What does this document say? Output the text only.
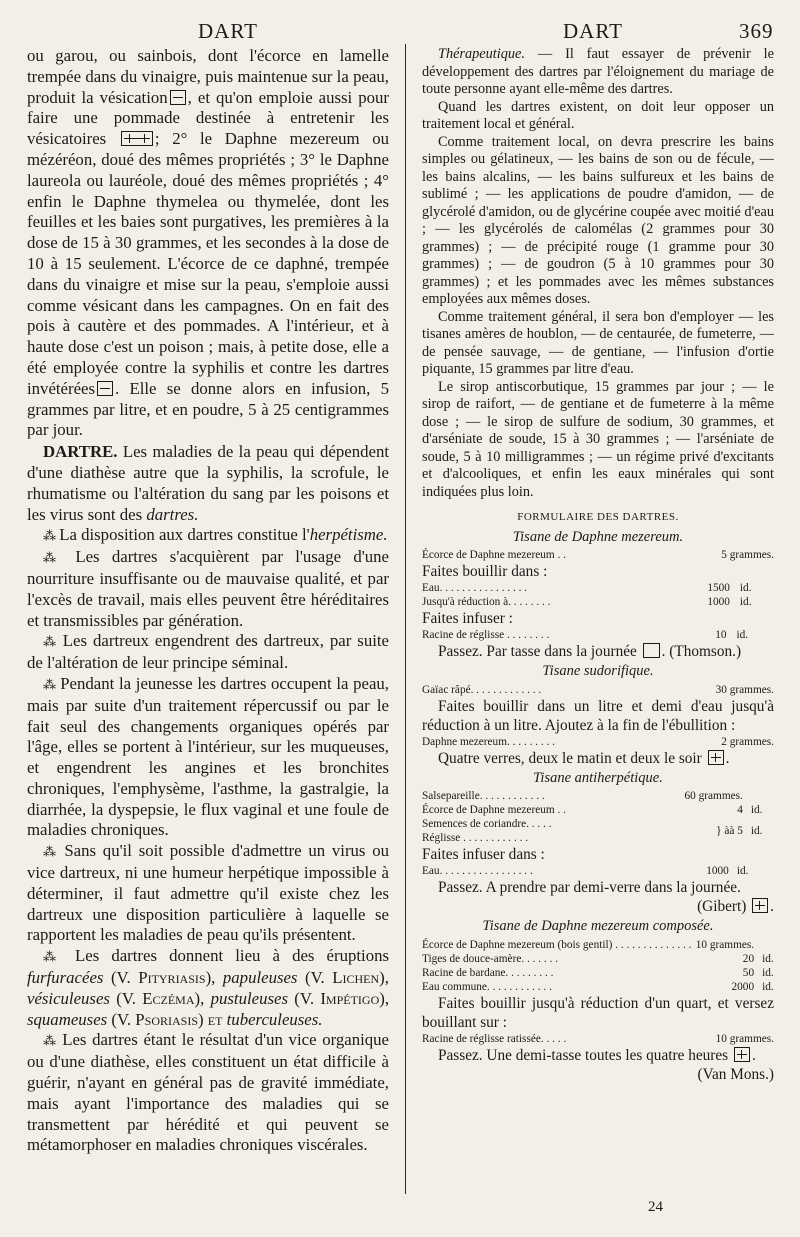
DART	DART	369

ou garou, ou sainbois, dont l'écorce en lamelle trempée dans du vinaigre, puis maintenue sur la peau, produit la vésication , et qu'on emploie aussi pour faire une pommade destinée à entretenir les vésicatoires	; 2° le Daphne mezereum ou mézéréon, doué des mêmes propriétés ; 3° le Daphne laureola ou lauréole, doué des mêmes propriétés ; 4° enfin le Daphne thymelea ou thymelée, dont les feuilles et les baies sont purgatives, les premières à la dose de 15 à 30 grammes, et les secondes à la dose de 10 à 15 seulement. L'écorce de ce daphné, trempée dans du vinaigre et mise sur la peau, s'emploie aussi comme vésicant dans les campagnes. On en fait des pois à cautère et des pommades. A l'intérieur, et à haute dose c'est un poison ; mais, à petite dose, elle a été employée contre la syphilis et contre les dartres invétérées . Elle se donne alors en infusion, 5 grammes par litre, et en poudre, 5 à 25 centigrammes par jour.

DARTRE. Les maladies de la peau qui dépendent d'une diathèse autre que la syphilis, la scrofule, le rhumatisme ou l'altération du sang par les poisons et les virus sont des dartres.

⁂ La disposition aux dartres constitue l'herpétisme.

⁂ Les dartres s'acquièrent par l'usage d'une nourriture insuffisante ou de mauvaise qualité, et par l'excès de travail, mais elles peuvent être héréditaires et transmissibles par génération.

⁂ Les dartreux engendrent des dartreux, par suite de l'altération de leur principe séminal.

⁂ Pendant la jeunesse les dartres occupent la peau, mais par suite d'un traitement répercussif ou par le fait seul des changements organiques opérés par l'âge, elles se portent à l'intérieur, sur les muqueuses, et engendrent les angines et les bronchites chroniques, l'emphysème, l'asthme, la gastralgie, la diarrhée, la dyspepsie, le flux vaginal et une foule de maladies chroniques.

⁂ Sans qu'il soit possible d'admettre un virus ou vice dartreux, ni une humeur herpétique impossible à déterminer, il faut admettre qu'il existe chez les dartreux une disposition particulière à laquelle se rapportent les maladies de peau qu'ils présentent.

⁂ Les dartres donnent lieu à des éruptions furfuracées (V. Pityriasis), papuleuses (V. Lichen), vésiculeuses (V. Eczéma), pustuleuses (V. Impétigo), squameuses (V. Psoriasis) et tuberculeuses.

⁂ Les dartres étant le résultat d'un vice organique ou d'une diathèse, elles constituent un état difficile à guérir, n'ayant en général pas de gravité immédiate, mais ayant l'importance des maladies qui se transmettent par hérédité et qui peuvent se métamorphoser en maladies chroniques viscérales.

Thérapeutique. — Il faut essayer de prévenir le développement des dartres par l'éloignement du mariage de toute personne ayant elle-même des dartres.

Quand les dartres existent, on doit leur opposer un traitement local et général.

Comme traitement local, on devra prescrire les bains simples ou gélatineux, — les bains de son ou de fécule, — les bains alcalins, — les bains sulfureux et les bains de sublimé ; — les applications de poudre d'amidon, — de glycérolé d'amidon, ou de glycérine coupée avec moitié d'eau ; — les glycérolés de calomélas (2 grammes pour 30 grammes) ; — de précipité rouge (1 gramme pour 30 grammes) ; — de goudron (5 à 10 grammes pour 30 grammes) ; et les pommades avec les mêmes substances employées aux mêmes doses.

Comme traitement général, il sera bon d'employer — les tisanes amères de houblon, — de centaurée, de fumeterre, — de pensée sauvage, — de gentiane, — l'infusion d'ortie piquante, 15 grammes par litre d'eau.

Le sirop antiscorbutique, 15 grammes par jour ; — le sirop de raifort, — de gentiane et de fumeterre à la même dose ; — le sirop de sulfure de sodium, 30 grammes, et d'arséniate de soude, 15 à 30 grammes ; — l'arséniate de soude, 5 à 10 milligrammes ; — un régime privé d'excitants et d'alcooliques, et enfin les eaux minérales qui sont indiquées plus loin.

FORMULAIRE DES DARTRES.
Tisane de Daphne mezereum.
Écorce de Daphne mezereum . .	5 grammes.	
Faites bouillir dans :
Eau. . . . . . . . . . . . . . . .	1500	id.
Jusqu'à réduction à. . . . . . . .	1000	id.
Faites infuser :
Racine de réglisse . . . . . . . .	10	id.
Passez. Par tasse dans la journée . (Thomson.)
Tisane sudorifique.
Gaïac râpé. . . . . . . . . . . . .	30 grammes.
Faites bouillir dans un litre et demi d'eau jusqu'à réduction à un litre. Ajoutez à la fin de l'ébullition :
Daphne mezereum. . . . . . . . .	2 grammes.
Quatre verres, deux le matin et deux le soir .
Tisane antiherpétique.
Salsepareille. . . . . . . . . . . .	60 grammes.	
Écorce de Daphne mezereum . .	4	id.
Semences de coriandre. . . . .
Réglisse . . . . . . . . . . . .	} àà 5	id.
Faites infuser dans :
Eau. . . . . . . . . . . . . . . . .	1000	id.
Passez. A prendre par demi-verre dans la journée.
(Gibert) .
Tisane de Daphne mezereum composée.
Écorce de Daphne mezereum (bois gentil) . . . . . . . . . . . . . .	10 grammes.	
Tiges de douce-amère. . . . . . .	20	id.
Racine de bardane. . . . . . . . .	50	id.
Eau commune. . . . . . . . . . . .	2000	id.
Faites bouillir jusqu'à réduction d'un quart, et versez bouillant sur :
Racine de réglisse ratissée. . . . .	10 grammes.
Passez. Une demi-tasse toutes les quatre heures .
(Van Mons.)
24
